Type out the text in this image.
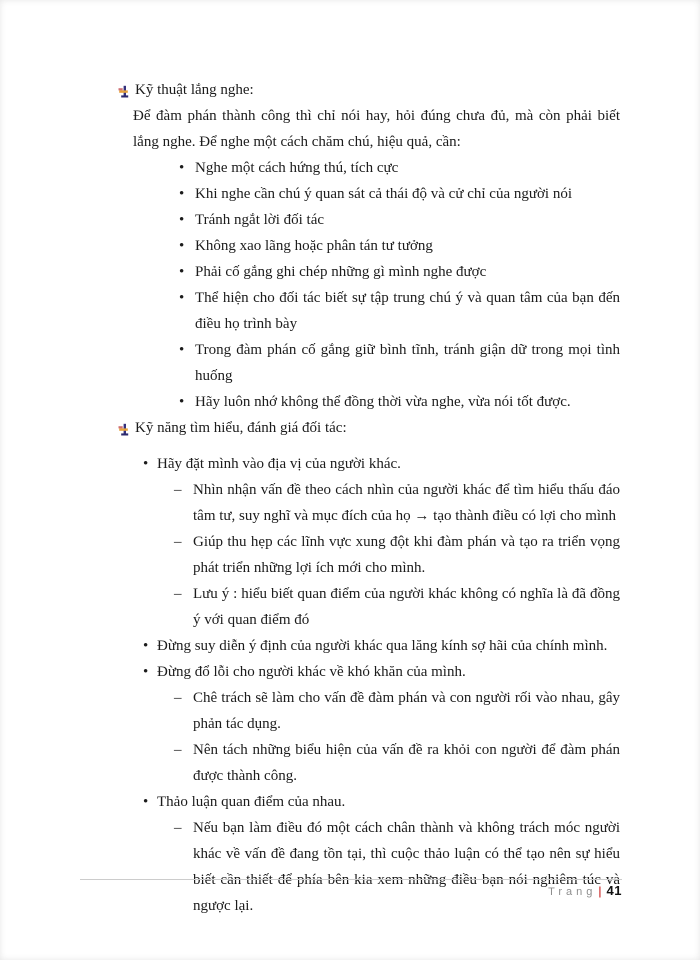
Kỹ thuật lắng nghe:
Để đàm phán thành công thì chỉ nói hay, hỏi đúng chưa đủ, mà còn phải biết lắng nghe. Để nghe một cách chăm chú, hiệu quả, cần:
• Nghe một cách hứng thú, tích cực
• Khi nghe cần chú ý quan sát cả thái độ và cử chỉ của người nói
• Tránh ngắt lời đối tác
• Không xao lãng hoặc phân tán tư tưởng
• Phải cố gắng ghi chép những gì mình nghe được
• Thể hiện cho đối tác biết sự tập trung chú ý và quan tâm của bạn đến điều họ trình bày
• Trong đàm phán cố gắng giữ bình tĩnh, tránh giận dữ trong mọi tình huống
• Hãy luôn nhớ không thể đồng thời vừa nghe, vừa nói tốt được.
Kỹ năng tìm hiểu, đánh giá đối tác:
• Hãy đặt mình vào địa vị của người khác.
– Nhìn nhận vấn đề theo cách nhìn của người khác để tìm hiểu thấu đáo tâm tư, suy nghĩ và mục đích của họ → tạo thành điều có lợi cho mình
– Giúp thu hẹp các lĩnh vực xung đột khi đàm phán và tạo ra triển vọng phát triển những lợi ích mới cho mình.
– Lưu ý : hiểu biết quan điểm của người khác không có nghĩa là đã đồng ý với quan điểm đó
• Đừng suy diễn ý định của người khác qua lăng kính sợ hãi của chính mình.
• Đừng đổ lỗi cho người khác về khó khăn của mình.
– Chê trách sẽ làm cho vấn đề đàm phán và con người rối vào nhau, gây phản tác dụng.
– Nên tách những biểu hiện của vấn đề ra khỏi con người để đàm phán được thành công.
• Thảo luận quan điểm của nhau.
– Nếu bạn làm điều đó một cách chân thành và không trách móc người khác về vấn đề đang tồn tại, thì cuộc thảo luận có thể tạo nên sự hiểu biết cần thiết để phía bên kia xem những điều bạn nói nghiêm túc và ngược lại.
Trang | 41
